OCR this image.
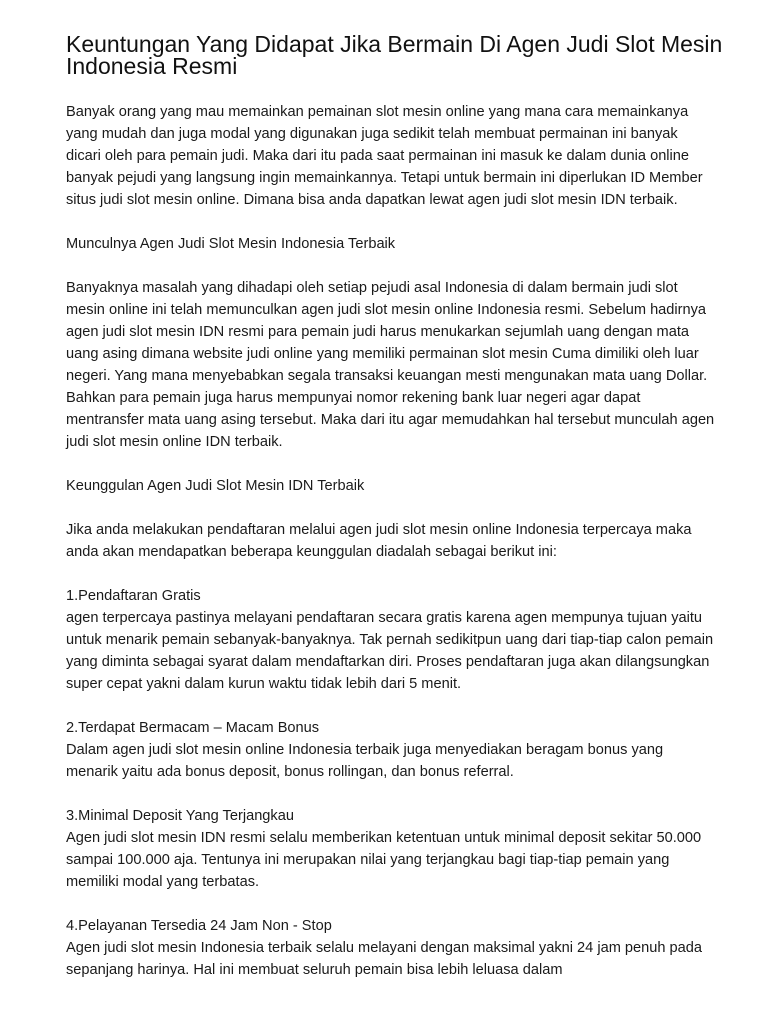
Keuntungan Yang Didapat Jika Bermain Di Agen Judi Slot Mesin Indonesia Resmi

Banyak orang yang mau memainkan pemainan slot mesin online yang mana cara memainkanya yang mudah dan juga modal yang digunakan juga sedikit telah membuat permainan ini banyak dicari oleh para pemain judi. Maka dari itu pada saat permainan ini masuk ke dalam dunia online banyak pejudi yang langsung ingin memainkannya. Tetapi untuk bermain ini diperlukan ID Member situs judi slot mesin online. Dimana bisa anda dapatkan lewat agen judi slot mesin IDN terbaik.

Munculnya Agen Judi Slot Mesin Indonesia Terbaik

Banyaknya masalah yang dihadapi oleh setiap pejudi asal Indonesia di dalam bermain judi slot mesin online ini telah memunculkan agen judi slot mesin online Indonesia resmi. Sebelum hadirnya agen judi slot mesin IDN resmi para pemain judi harus menukarkan sejumlah uang dengan mata uang asing dimana website judi online yang memiliki permainan slot mesin Cuma dimiliki oleh luar negeri. Yang mana menyebabkan segala transaksi keuangan mesti mengunakan mata uang Dollar. Bahkan para pemain juga harus mempunyai nomor rekening bank luar negeri agar dapat mentransfer mata uang asing tersebut. Maka dari itu agar memudahkan hal tersebut munculah agen judi slot mesin online IDN terbaik.

Keunggulan Agen Judi Slot Mesin IDN Terbaik

Jika anda melakukan pendaftaran melalui agen judi slot mesin online Indonesia terpercaya maka anda akan mendapatkan beberapa keunggulan diadalah sebagai berikut ini:

1.Pendaftaran Gratis
agen terpercaya pastinya melayani pendaftaran secara gratis karena agen mempunya tujuan yaitu untuk menarik pemain sebanyak-banyaknya. Tak pernah sedikitpun uang dari tiap-tiap calon pemain yang diminta sebagai syarat dalam mendaftarkan diri. Proses pendaftaran juga akan dilangsungkan super cepat yakni dalam kurun waktu tidak lebih dari 5 menit.
2.Terdapat Bermacam – Macam Bonus
Dalam agen judi slot mesin online Indonesia terbaik juga menyediakan beragam bonus yang menarik yaitu ada bonus deposit, bonus rollingan, dan bonus referral.
3.Minimal Deposit Yang Terjangkau
Agen judi slot mesin IDN resmi selalu memberikan ketentuan untuk minimal deposit sekitar 50.000 sampai 100.000 aja. Tentunya ini merupakan nilai yang terjangkau bagi tiap-tiap pemain yang memiliki modal yang terbatas.
4.Pelayanan Tersedia 24 Jam Non - Stop
Agen judi slot mesin Indonesia terbaik selalu melayani dengan maksimal yakni 24 jam penuh pada sepanjang harinya. Hal ini membuat seluruh pemain bisa lebih leluasa dalam
